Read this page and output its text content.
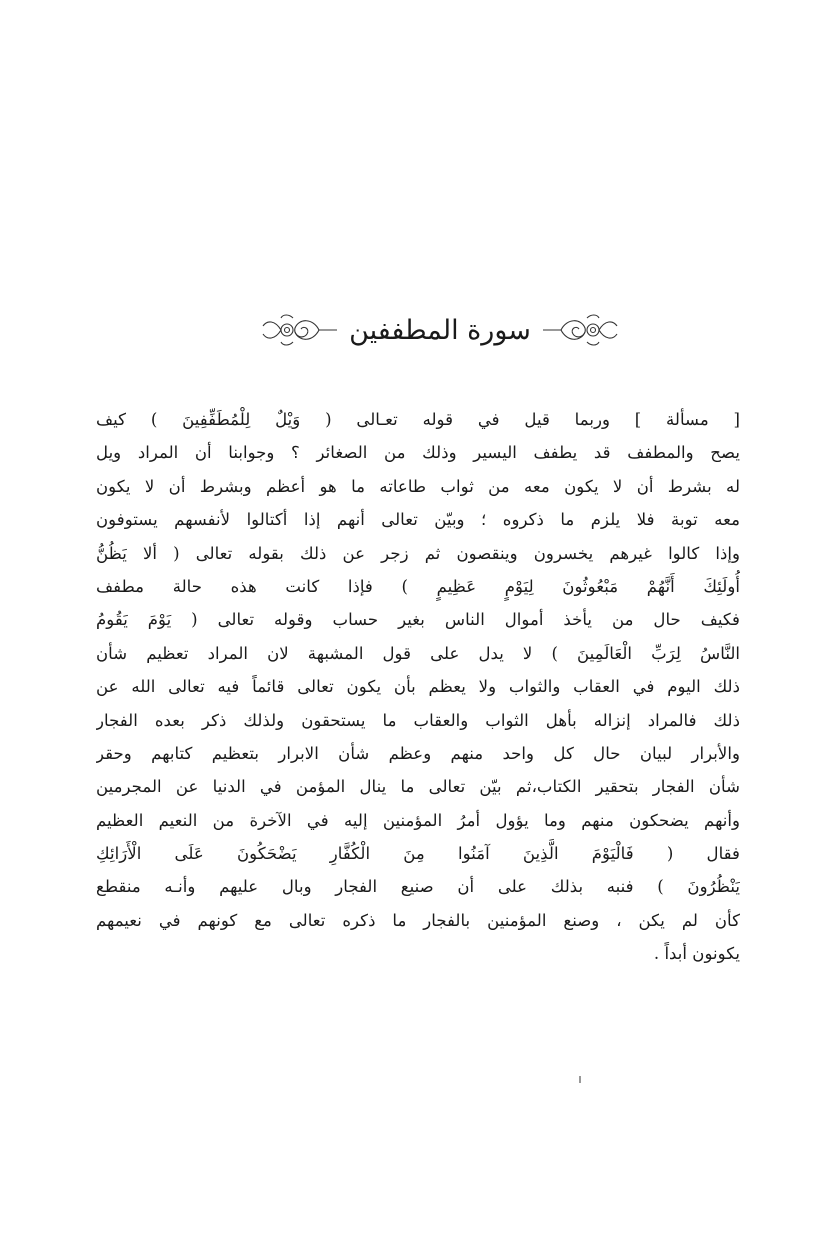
سورة المطففين
[ مسألة ] وربما قيل في قوله تعـالى ( وَيْلٌ لِلْمُطَفِّفِينَ ) كيف
يصح والمطفف قد يطفف اليسير وذلك من الصغائر ؟ وجوابنا أن المراد ويل
له بشرط أن لا يكون معه من ثواب طاعاته ما هو أعظم وبشرط أن لا يكون
معه توبة فلا يلزم ما ذكروه ؛ وبيّن تعالى أنهم إذا أكتالوا لأنفسهم يستوفون
وإذا كالوا غيرهم يخسرون وينقصون ثم زجر عن ذلك بقوله تعالى ( ألا يَظُنُّ
أُولَئِكَ أَنَّهُمْ مَبْعُوثُونَ لِيَوْمٍ عَظِيمٍ ) فإذا كانت هذه حالة مطفف
فكيف حال من يأخذ أموال الناس بغير حساب وقوله تعالى ( يَوْمَ يَقُومُ
النَّاسُ لِرَبِّ الْعَالَمِينَ ) لا يدل على قول المشبهة لان المراد تعظيم شأن
ذلك اليوم في العقاب والثواب ولا يعظم بأن يكون تعالى قائماً فيه تعالى الله عن
ذلك فالمراد إنزاله بأهل الثواب والعقاب ما يستحقون ولذلك ذكر بعده الفجار
والأبرار لبيان حال كل واحد منهم وعظم شأن الابرار بتعظيم كتابهم وحقر
شأن الفجار بتحقير الكتاب،ثم بيّن تعالى ما ينال المؤمن في الدنيا عن المجرمين
وأنهم يضحكون منهم وما يؤول أمرُ المؤمنين إليه في الآخرة من النعيم العظيم
فقال ( فَالْيَوْمَ الَّذِينَ آمَنُوا مِنَ الْكُفَّارِ يَضْحَكُونَ عَلَى الْأَرَائِكِ
يَنْظُرُونَ ) فنبه بذلك على أن صنيع الفجار وبال عليهم وأنـه منقطع
كأن لم يكن ، وصنع المؤمنين بالفجار ما ذكره تعالى مع كونهم في نعيمهم
يكونون أبداً .
